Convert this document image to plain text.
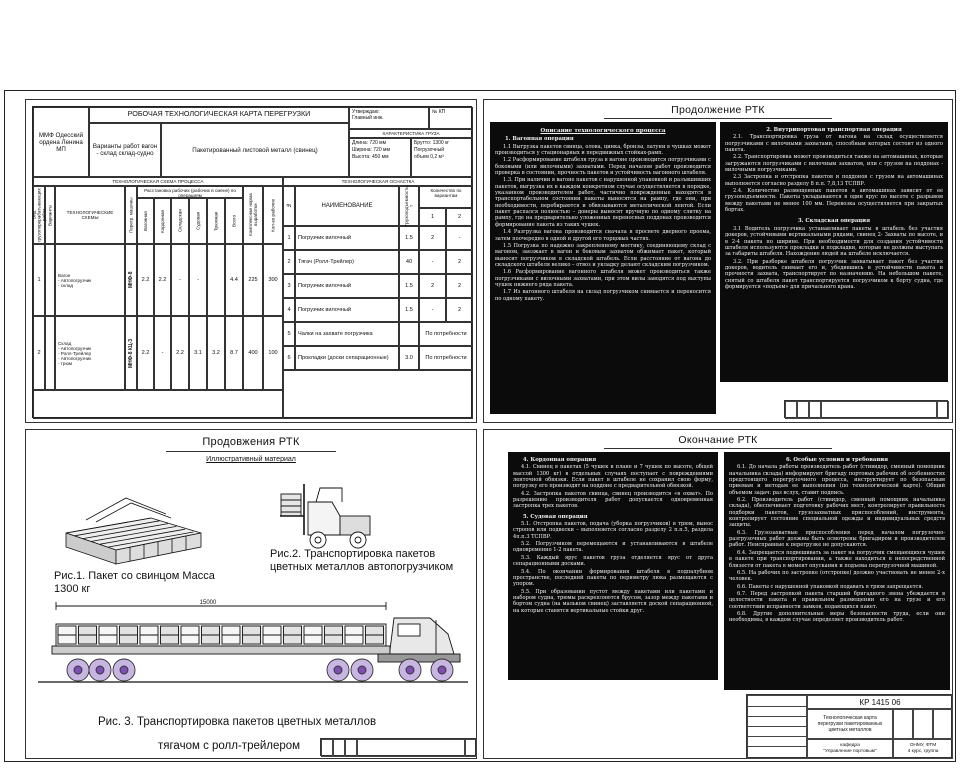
ММФ Одесский ордена Ленина МП
РОБОЧАЯ ТЕХНОЛОГИЧЕСКАЯ КАРТА ПЕРЕГРУЗКИ
Варианты работ вагон - склад склад-судно	Пакетированный листовой металл (свинец)
Утверждаю:
Главный инж.
№ КП
ХАРАКТЕРИСТИКА ГРУЗА
Длина: 720 мм
Ширина: 720 мм
Высота: 450 мм
Брутто: 1300 кг
Погрузочный
объем 0,2 м³
ТЕХНОЛОГИЧЕСКАЯ СХЕМА ПРОЦЕССА	ТЕХНОЛОГИЧЕСКАЯ ОСНАСТКА
Вид грузоперерабатывающих работ Варианты	ТЕХНОЛОГИЧЕСКИЕ СХЕМЫ	Перегр. машины
Расстановка рабочих (рабочих в смене) по операциям
Вагонная	Кордонная	Складская	Судовая	Трюмная	Всего	Комплексная норма выработки	Кол-во рабочих
1
Вагон
- Автопогрузчик
- склад	МНФ-8	2.2	2.2	-	-	4.4	225	300
2
Склад
- Автопогрузчик
- Ролл-Трейлер
- Автопогрузчик
- трюм	МНФ-8 КЦ-3	2.2	-	2.2	3.1	3.2	8.7	400	100
№	НАИМЕНОВАНИЕ	Грузоподъемность, т
Количество по вариантам
1	2
1	Погрузчик вилочный	1.5	2	-
2	Тягач (Ролл-Трейлер)	40	-	2
3	Погрузчик вилочный	1.5	2	2
4	Погрузчик вилочный	1.5	-	2
5	Чалки на захвате погрузчика	По потребности
6	Прокладки (доски сепарационные)	3.0	По потребности
Продолжение РТК
Описание технологического процесса
1. Вагонная операция

1.1 Выгрузка пакетов свинца, олова, цинка, бронзы, латуни в чушках может производиться у стационарных и передвижных стойках-рамп.

1.2 Расформирование штабеля груза в вагоне производится погрузчиками с боковыми (или вилочными) захватами. Перед началом работ производится проверка в состоянии, прочность пакетов и устойчивость вагонного штабеля.

1.3. При наличии в вагоне пакетов с нарушенной упаковкой и разъвшивших пакетов, выгрузка их в каждом конкретном случае осуществляется в порядке, указанном производителем работ, частично поврежденные находятся в транспортабельном состоянии пакеты выносятся на рампу, где они, при необходимости, перебираются и обвязываются металлической лентой. Если пакет распался полностью – донеры выносят вручную по одному слитку на рампу, где на предварительно уложенных переносных поддонах производится формирование пакета из таких чушек.

1.4 Разгрузка вагона производится сначала в просвете дверного проема, затем поочередно в одной и другой его торцовых частях.

1.5 Погрузка по надежно закрепленному мостику, соединяющему склад с вагоном, заезжает в вагон и боковым захватом обжимает пакет, который выносит погрузчиком в складской штабель. Если расстояние от вагона до складского штабеля велико – отвоз и укладку делают складским погрузчиком.

1.6 Расформирование вагонного штабеля может производиться также погрузчиками с вилочными захватами, при этом вилы заводятся под выступы чушек нижнего ряда пакета.

1.7 Из вагонного штабеля на склад погрузчиком снимается и переносится по одному пакету.

2. Внутрипортовая транспортная операция

2.1. Транспортировка груза от вагона на склад осуществляется погрузчиками с вилочными захватами, способным которых состоит из одного пакета.

2.2. Транспортировка может производиться также на автомашинах, которые загружаются погрузчиками с вилочным захватом, или с грузом на поддонах - вилочными погрузчиками.

2.3 Застропка и отстропка пакетов и поддонов с грузом на автомашинах выполняется согласно разделу 8 п.п. 7,8,13 ТСПВР.

2.4. Количество размещенных пакетов в автомашинах зависит от ее грузоподъемности. Пакеты укладываются в один ярус по высоте с разрывом между пакетами не менее 100 мм. Перевозка осуществляется при закрытых бортах.

3. Складская операция

3.1 Водитель погрузчика устанавливает пакеты в штабель без участия докеров, устойчивыми вертикальными рядами, свинец 2- Захваты по высоте, и в 2-4 пакета по ширине. При необходимости для создания устойчивости штабеля используются прокладки и подкладки, которые не должны выступать за габариты штабеля. Нахождение людей на штабеле исключается.

3.2. При разборке штабеля погрузчик захватывает пакет без участия докеров, водитель снимает его и, убедившись в устойчивости пакета и прочности захвата, транспортирует по назначению. На небольшом пакете, снятый со штабеля пакет транспортируется погрузчиком к борту судна, где формируется «подъем» для причального крана.

Продовжения РТК
Иллюстративный материал
Рис.1. Пакет со свинцом Масса 1300 кг
Рис.2. Транспортировка пакетов цветных металлов автопогрузчиком
15000
Рис. 3. Транспортировка пакетов цветных металлов
тягачом с ролл-трейлером
Окончание РТК
4. Кордонная операция

4.1. Свинец в пакетах (5 чушек в плане и 7 чушек по высоте, общей массой 1300 кг) в отдельных случаях поступает с повреждениями ленточной обвязки. Если пакет в штабеле не сохранил свою форму, погрузку его производят на поддоне с предварительной обвязкой.

4.2. Застропка пакетов свинца, свинец производится «в охват». По разрешению производителя работ допускается одновременная застропка трех пакетов.

5. Судовая операция

5.1. Отстропка пакетов, подача (уборка погрузчиков) в трюм, вынос стропов или подвески – выполняется согласно разделу 2 п.п.5, раздела 4п.п.3 ТСПВР.

5.2. Погрузчиком перемещаются и устанавливаются в штабеле одновременно 1-2 пакета.

5.3. Каждый ярус пакетов груза отделяется ярус от друга сепарационными досками.

5.4. По окончании формирования штабеля в подпалубном пространстве, последний пакеты по периметру люка размещаются с упором.

5.5. При образовании пустот между пакетами или пакетами и набором судна, трюмы раскрепляются брусом, зазор между пакетами и бортом судна (на мальком свинец) заставляется доской сепарационной, на которые ставятся вертикальные стойки друг.

6. Особые условия и требования

6.1. До начала работы производитель работ (стивидор, сменный помощник начальника склада) информируют бригаду портовых рабочих об особенностях предстоящего перегрузочного процесса, инструктирует по безопасным приемам и методам ее выполнения (по технологической карте). Общий объемом задач: раз вслух, ставит подпись.

6.2. Производитель работ (стивидор, сменный помощник начальника склада), обеспечивает подготовку рабочих мест, контролирует правильность подборки пакетов, грузозахватных приспособлений, инструмента, контролирует состояние специальной одежды и индивидуальных средств защиты.

6.3. Грузозахватные приспособления перед началом погрузочно-разгрузочных работ должны быть осмотрены бригадиром и производителем работ. Неисправные к перегрузке не допускаются.

6.4. Запрещается подвешивать за пакет на погрузчик смещающихся чушек в пакете при транспортировании, а также находиться в непосредственной близости от пакета в момент опускания и подъема перегрузочной машиной.

6.5. На рабочих по застропке (отстропке) должно участвовать не менее 2-х человек.

6.6. Пакеты с нарушенной упаковкой подавать в трюм запрещается.

6.7. Перед застропкой пакета старший бригадного звена убеждается в целостности пакета и правильном размещении его на грузе и его соответствии исправности замков, подающихся пакет.

6.8. Другие дополнительные меры безопасности труда, если они необходимы, в каждом случае определяет производитель работ.

КР 1415 06
Технологическая карта
перегрузки пакетированных
цветных металлов
кафедра
"Управление портовым"
ОНМУ, ФТМ
4 курс, группа
